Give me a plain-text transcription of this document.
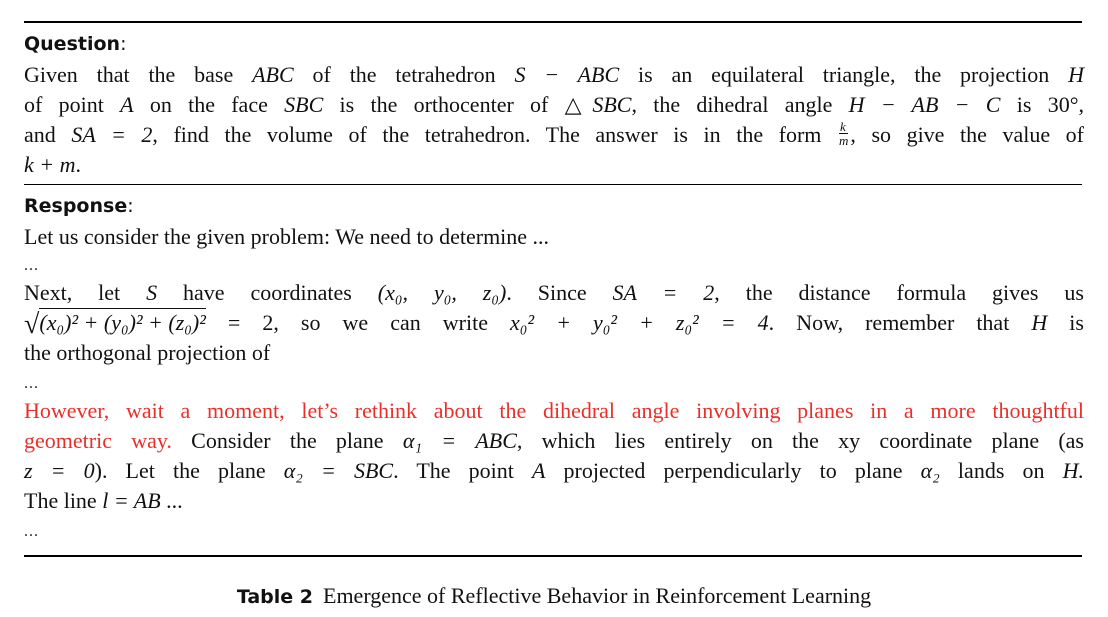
Question:
Given that the base ABC of the tetrahedron S − ABC is an equilateral triangle, the projection H
of point A on the face SBC is the orthocenter of △SBC, the dihedral angle H − AB − C is 30°,
and SA = 2, find the volume of the tetrahedron. The answer is in the form $\frac{k}{m}$ , so give the value of
k + m.
Response:
Let us consider the given problem: We need to determine ...
...
Next, let S have coordinates (x₀, y₀, z₀). Since SA = 2, the distance formula gives us
√(x₀)² + (y₀)² + (z₀)² = 2, so we can write x₀² + y₀² + z₀² = 4. Now, remember that H is
the orthogonal projection of
...
However, wait a moment, let’s rethink about the dihedral angle involving planes in a more thoughtful
geometric way. Consider the plane α₁ = ABC, which lies entirely on the xy coordinate plane (as
z = 0). Let the plane α₂ = SBC. The point A projected perpendicularly to plane α₂ lands on H.
The line l = AB ...
...
Table 2 Emergence of Reflective Behavior in Reinforcement Learning
